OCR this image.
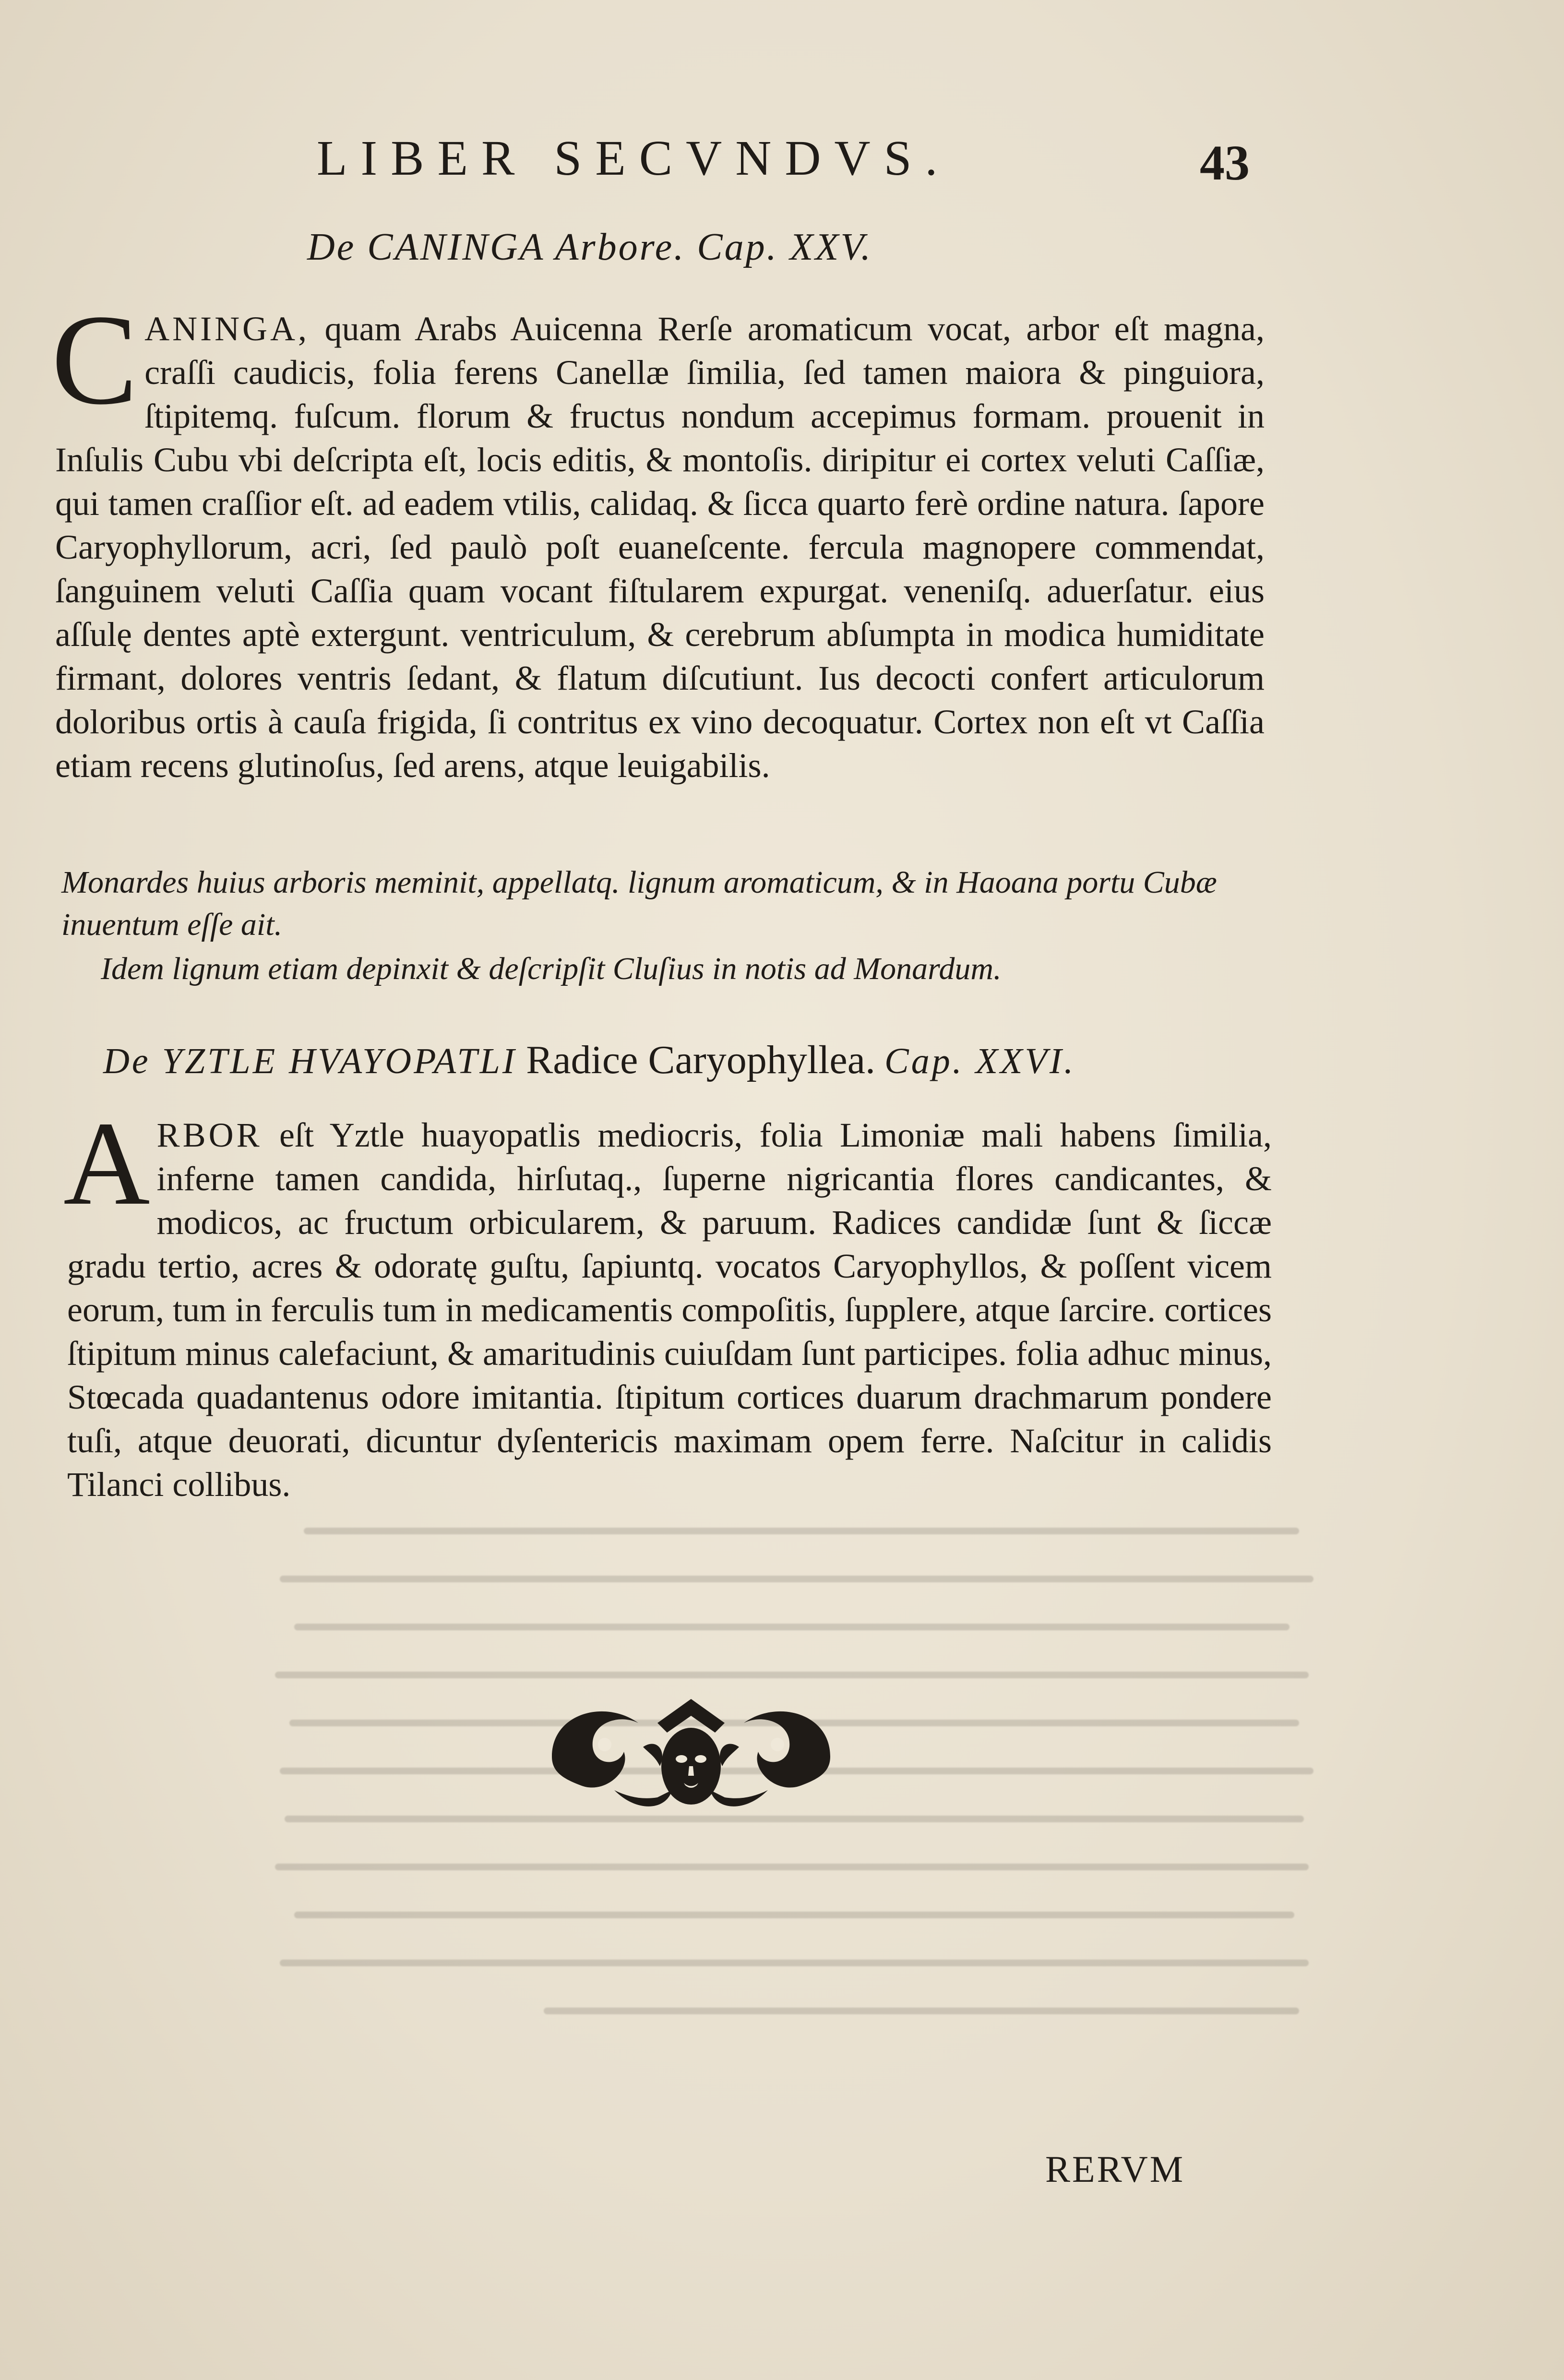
LIBER SECVNDVS.	43
De CANINGA Arbore. Cap. XXV.
C ANINGA, quam Arabs Auicenna Rerſe aromaticum vocat, arbor eſt magna, craſſi caudicis, folia ferens Canellæ ſimilia, ſed tamen maiora & pinguiora, ſtipitemq. fuſcum. florum & fructus nondum accepimus formam. prouenit in Inſulis Cubu vbi deſcripta eſt, locis editis, & montoſis. diripitur ei cortex veluti Caſſiæ, qui tamen craſſior eſt. ad eadem vtilis, calidaq. & ſicca quarto ferè ordine natura. ſapore Caryophyllorum, acri, ſed paulò poſt euaneſcente. fercula magnopere commendat, ſanguinem veluti Caſſia quam vocant fiſtularem expurgat. veneniſq. aduerſatur. eius aſſulę dentes aptè extergunt. ventriculum, & cerebrum abſumpta in modica humiditate firmant, dolores ventris ſedant, & flatum diſcutiunt. Ius decocti confert articulorum doloribus ortis à cauſa frigida, ſi contritus ex vino decoquatur. Cortex non eſt vt Caſſia etiam recens glutinoſus, ſed arens, atque leuigabilis.

Monardes huius arboris meminit, appellatq. lignum aromaticum, & in Haoana portu Cubæ inuentum eſſe ait.
Idem lignum etiam depinxit & deſcripſit Cluſius in notis ad Monardum.
De YZTLE HVAYOPATLI Radice Caryophyllea. Cap. XXVI.
A RBOR eſt Yztle huayopatlis mediocris, folia Limoniæ mali habens ſimilia, inferne tamen candida, hirſutaq., ſuperne nigricantia flores candicantes, & modicos, ac fructum orbicularem, & paruum. Radices candidæ ſunt & ſiccæ gradu tertio, acres & odoratę guſtu, ſapiuntq. vocatos Caryophyllos, & poſſent vicem eorum, tum in ferculis tum in medicamentis compoſitis, ſupplere, atque ſarcire. cortices ſtipitum minus calefaciunt, & amaritudinis cuiuſdam ſunt participes. folia adhuc minus, Stœcada quadantenus odore imitantia. ſtipitum cortices duarum drachmarum pondere tuſi, atque deuorati, dicuntur dyſentericis maximam opem ferre. Naſcitur in calidis Tilanci collibus.

RERVM
